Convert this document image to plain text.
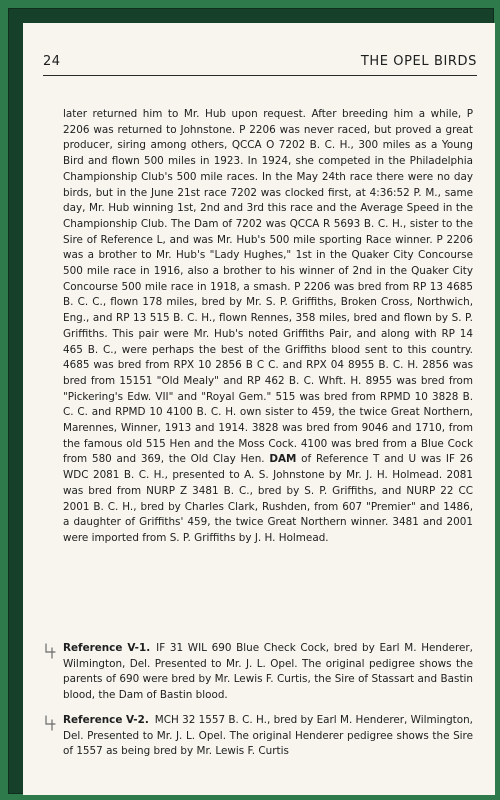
24	THE OPEL BIRDS
later returned him to Mr. Hub upon request. After breeding him a while, P 2206 was returned to Johnstone. P 2206 was never raced, but proved a great producer, siring among others, QCCA O 7202 B. C. H., 300 miles as a Young Bird and flown 500 miles in 1923. In 1924, she competed in the Philadelphia Championship Club's 500 mile races. In the May 24th race there were no day birds, but in the June 21st race 7202 was clocked first, at 4:36:52 P. M., same day, Mr. Hub winning 1st, 2nd and 3rd this race and the Average Speed in the Championship Club. The Dam of 7202 was QCCA R 5693 B. C. H., sister to the Sire of Reference L, and was Mr. Hub's 500 mile sporting Race winner. P 2206 was a brother to Mr. Hub's "Lady Hughes," 1st in the Quaker City Concourse 500 mile race in 1916, also a brother to his winner of 2nd in the Quaker City Concourse 500 mile race in 1918, a smash. P 2206 was bred from RP 13 4685 B. C. C., flown 178 miles, bred by Mr. S. P. Griffiths, Broken Cross, Northwich, Eng., and RP 13 515 B. C. H., flown Rennes, 358 miles, bred and flown by S. P. Griffiths. This pair were Mr. Hub's noted Griffiths Pair, and along with RP 14 465 B. C., were perhaps the best of the Griffiths blood sent to this country. 4685 was bred from RPX 10 2856 B C C. and RPX 04 8955 B. C. H. 2856 was bred from 15151 "Old Mealy" and RP 462 B. C. Whft. H. 8955 was bred from "Pickering's Edw. VII" and "Royal Gem." 515 was bred from RPMD 10 3828 B. C. C. and RPMD 10 4100 B. C. H. own sister to 459, the twice Great Northern, Marennes, Winner, 1913 and 1914. 3828 was bred from 9046 and 1710, from the famous old 515 Hen and the Moss Cock. 4100 was bred from a Blue Cock from 580 and 369, the Old Clay Hen. DAM of Reference T and U was IF 26 WDC 2081 B. C. H., presented to A. S. Johnstone by Mr. J. H. Holmead. 2081 was bred from NURP Z 3481 B. C., bred by S. P. Griffiths, and NURP 22 CC 2001 B. C. H., bred by Charles Clark, Rushden, from 607 "Premier" and 1486, a daughter of Griffiths' 459, the twice Great Northern winner. 3481 and 2001 were imported from S. P. Griffiths by J. H. Holmead.
Reference V-1. IF 31 WIL 690 Blue Check Cock, bred by Earl M. Henderer, Wilmington, Del. Presented to Mr. J. L. Opel. The original pedigree shows the parents of 690 were bred by Mr. Lewis F. Curtis, the Sire of Stassart and Bastin blood, the Dam of Bastin blood.
Reference V-2. MCH 32 1557 B. C. H., bred by Earl M. Henderer, Wilmington, Del. Presented to Mr. J. L. Opel. The original Henderer pedigree shows the Sire of 1557 as being bred by Mr. Lewis F. Curtis
